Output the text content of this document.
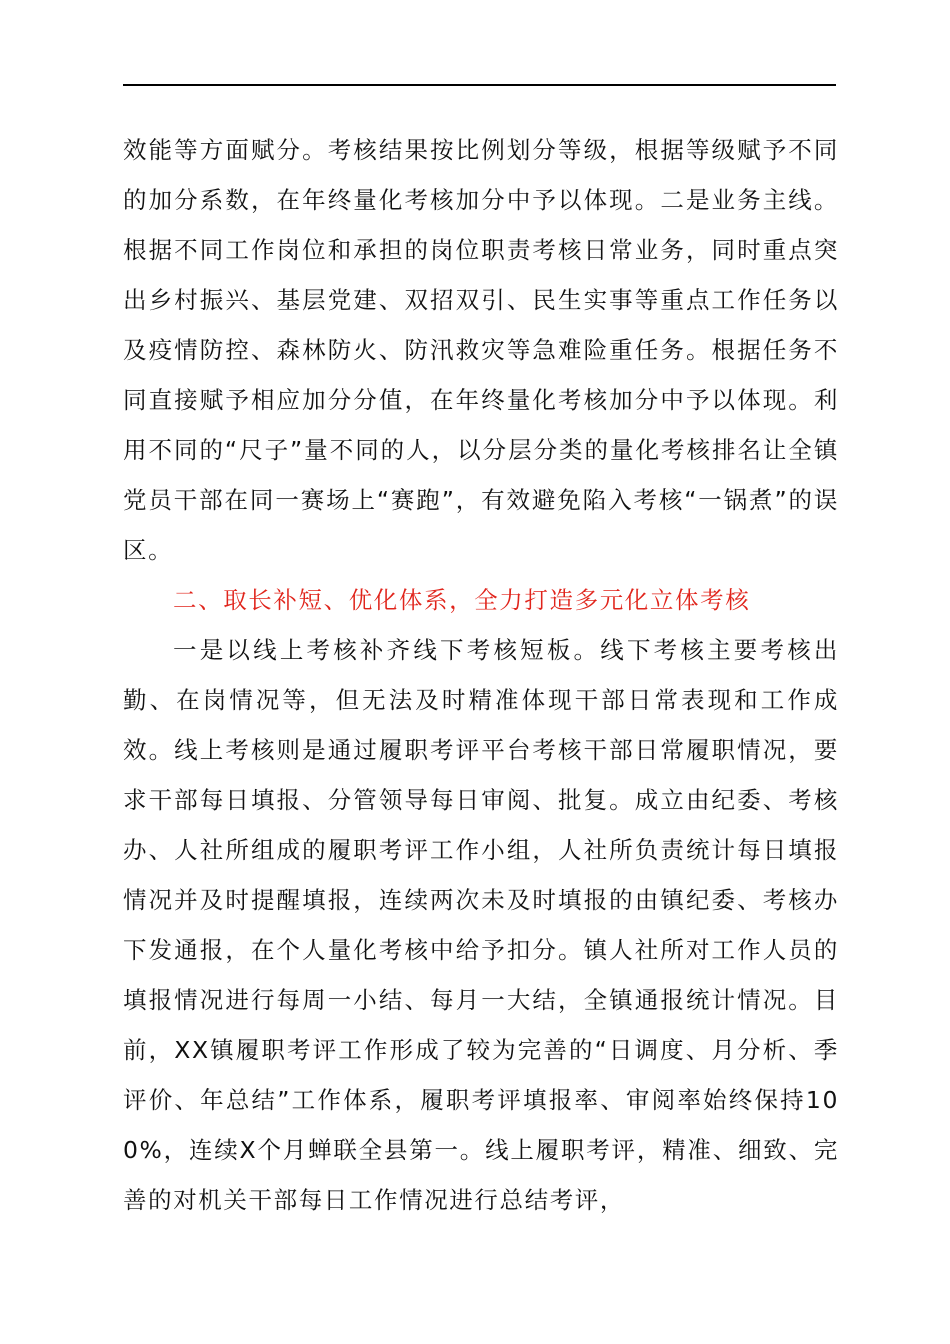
效能等方面赋分。考核结果按比例划分等级，根据等级赋予不同的加分系数，在年终量化考核加分中予以体现。二是业务主线。根据不同工作岗位和承担的岗位职责考核日常业务，同时重点突出乡村振兴、基层党建、双招双引、民生实事等重点工作任务以及疫情防控、森林防火、防汛救灾等急难险重任务。根据任务不同直接赋予相应加分分值，在年终量化考核加分中予以体现。利用不同的“尺子”量不同的人，以分层分类的量化考核排名让全镇党员干部在同一赛场上“赛跑”，有效避免陷入考核“一锅煮”的误区。

二、取长补短、优化体系，全力打造多元化立体考核

一是以线上考核补齐线下考核短板。线下考核主要考核出勤、在岗情况等，但无法及时精准体现干部日常表现和工作成效。线上考核则是通过履职考评平台考核干部日常履职情况，要求干部每日填报、分管领导每日审阅、批复。成立由纪委、考核办、人社所组成的履职考评工作小组，人社所负责统计每日填报情况并及时提醒填报，连续两次未及时填报的由镇纪委、考核办下发通报，在个人量化考核中给予扣分。镇人社所对工作人员的填报情况进行每周一小结、每月一大结，全镇通报统计情况。目前，XX镇履职考评工作形成了较为完善的“日调度、月分析、季评价、年总结”工作体系，履职考评填报率、审阅率始终保持100%，连续X个月蝉联全县第一。线上履职考评，精准、细致、完善的对机关干部每日工作情况进行总结考评，
